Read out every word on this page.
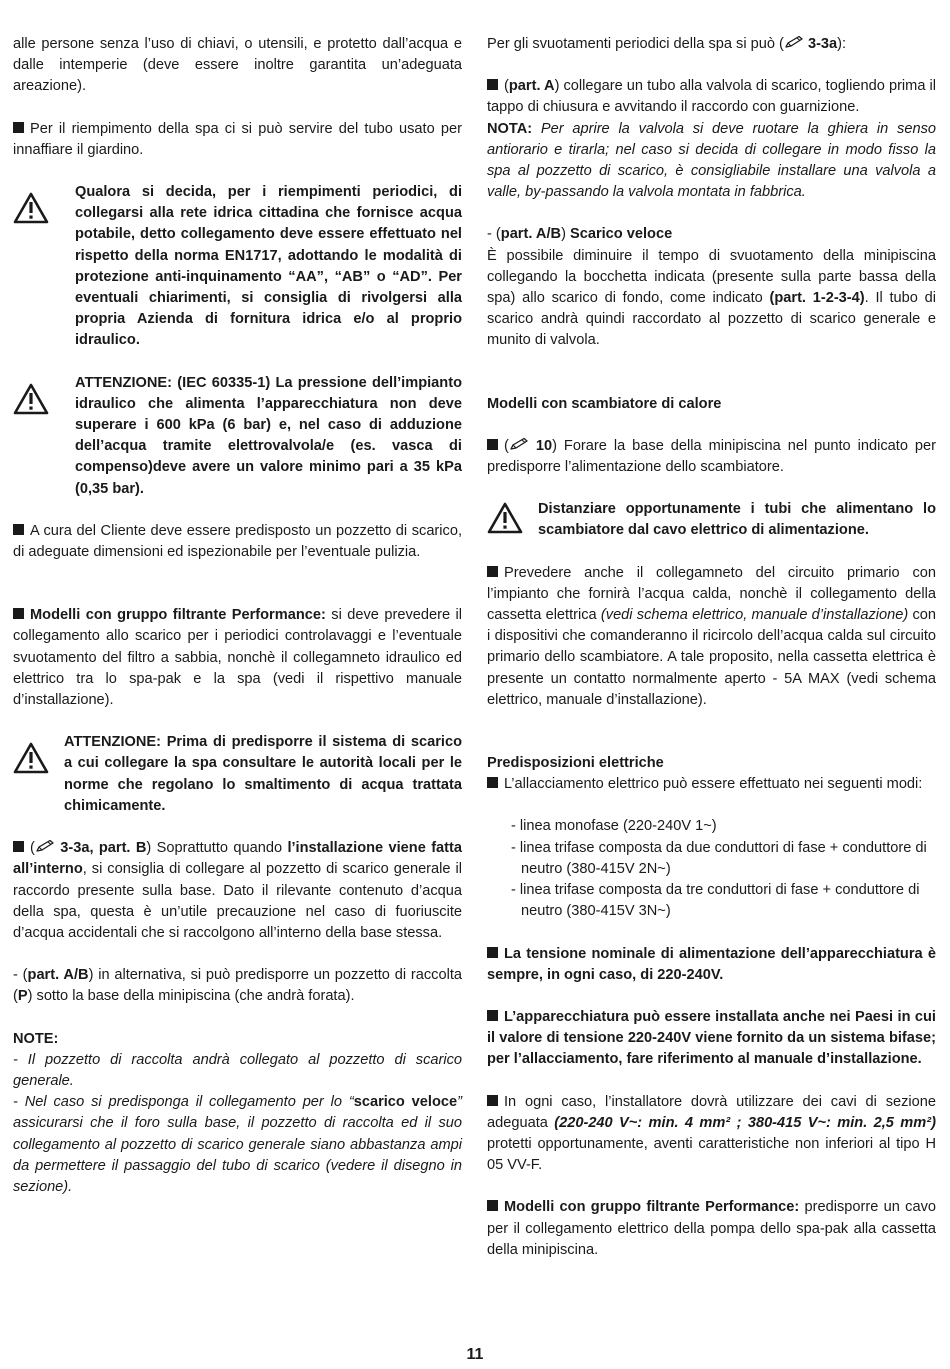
alle persone senza l’uso di chiavi, o utensili, e protetto dall’acqua e dalle intemperie (deve essere inoltre garantita un’adeguata areazione).

Per il riempimento della spa ci si può servire del tubo usato per innaffiare il giardino.

Qualora si decida, per i riempimenti periodici, di collegarsi alla rete idrica cittadina che fornisce acqua potabile, detto collegamento deve essere effettuato nel rispetto della norma EN1717, adottando le modalità di protezione anti-inquinamento “AA”, “AB” o “AD”. Per eventuali chiarimenti, si consiglia di rivolgersi alla propria Azienda di fornitura idrica e/o al proprio idraulico.

ATTENZIONE: (IEC 60335-1) La pressione dell’impianto idraulico che alimenta l’apparecchiatura non deve superare i 600 kPa (6 bar) e, nel caso di adduzione dell’acqua tramite elettrovalvola/e (es. vasca di compenso)deve avere un valore minimo pari a 35 kPa (0,35 bar).

A cura del Cliente deve essere predisposto un pozzetto di scarico, di adeguate dimensioni ed ispezionabile per l’eventuale pulizia.

Modelli con gruppo filtrante Performance: si deve prevedere il collegamento allo scarico per i periodici controlavaggi e l’eventuale svuotamento del filtro a sabbia, nonchè il collegamneto idraulico ed elettrico tra lo spa-pak e la spa (vedi il rispettivo manuale d’installazione).

ATTENZIONE: Prima di predisporre il sistema di scarico a cui collegare la spa consultare le autorità locali per le norme che regolano lo smaltimento di acqua trattata chimicamente.

( 3-3a, part. B) Soprattutto quando l’installazione viene fatta all’interno, si consiglia di collegare al pozzetto di scarico generale il raccordo presente sulla base. Dato il rilevante contenuto d’acqua della spa, questa è un’utile precauzione nel caso di fuoriuscite d’acqua accidentali che si raccolgono all’interno della base stessa.

- (part. A/B) in alternativa, si può predisporre un pozzetto di raccolta (P) sotto la base della minipiscina (che andrà forata).

NOTE:

- Il pozzetto di raccolta andrà collegato al pozzetto di scarico generale.

- Nel caso si predisponga il collegamento per lo “scarico veloce” assicurarsi che il foro sulla base, il pozzetto di raccolta ed il suo collegamento al pozzetto di scarico generale siano abbastanza ampi da permettere il passaggio del tubo di scarico (vedere il disegno in sezione).

Per gli svuotamenti periodici della spa si può ( 3-3a):

(part. A) collegare un tubo alla valvola di scarico, togliendo prima il tappo di chiusura e avvitando il raccordo con guarnizione.

NOTA: Per aprire la valvola si deve ruotare la ghiera in senso antiorario e tirarla; nel caso si decida di collegare in modo fisso la spa al pozzetto di scarico, è consigliabile installare una valvola a valle, by-passando la valvola montata in fabbrica.

- (part. A/B) Scarico veloce

È possibile diminuire il tempo di svuotamento della minipiscina collegando la bocchetta indicata (presente sulla parte bassa della spa) allo scarico di fondo, come indicato (part. 1-2-3-4). Il tubo di scarico andrà quindi raccordato al pozzetto di scarico generale e munito di valvola.

Modelli con scambiatore di calore

( 10) Forare la base della minipiscina nel punto indicato per predisporre l’alimentazione dello scambiatore.

Distanziare opportunamente i tubi che alimentano lo scambiatore dal cavo elettrico di alimentazione.

Prevedere anche il collegamneto del circuito primario con l’impianto che fornirà l’acqua calda, nonchè il collegamento della cassetta elettrica (vedi schema elettrico, manuale d’installazione) con i dispositivi che comanderanno il ricircolo dell’acqua calda sul circuito primario dello scambiatore. A tale proposito, nella cassetta elettrica è presente un contatto normalmente aperto - 5A MAX (vedi schema elettrico, manuale d’installazione).

Predisposizioni elettriche

L’allacciamento elettrico può essere effettuato nei seguenti modi:

- linea monofase (220-240V 1~)
- linea trifase composta da due conduttori di fase + conduttore di neutro (380-415V 2N~)
- linea trifase composta da tre conduttori di fase + conduttore di neutro (380-415V 3N~)

La tensione nominale di alimentazione dell’apparecchiatura è sempre, in ogni caso, di 220-240V.

L’apparecchiatura può essere installata anche nei Paesi in cui il valore di tensione 220-240V viene fornito da un sistema bifase; per l’allacciamento, fare riferimento al manuale d’installazione.

In ogni caso, l’installatore dovrà utilizzare dei cavi di sezione adeguata (220-240 V~: min. 4 mm² ; 380-415 V~: min. 2,5 mm²) protetti opportunamente, aventi caratteristiche non inferiori al tipo H 05 VV-F.

Modelli con gruppo filtrante Performance: predisporre un cavo per il collegamento elettrico della pompa dello spa-pak alla cassetta della minipiscina.

11
